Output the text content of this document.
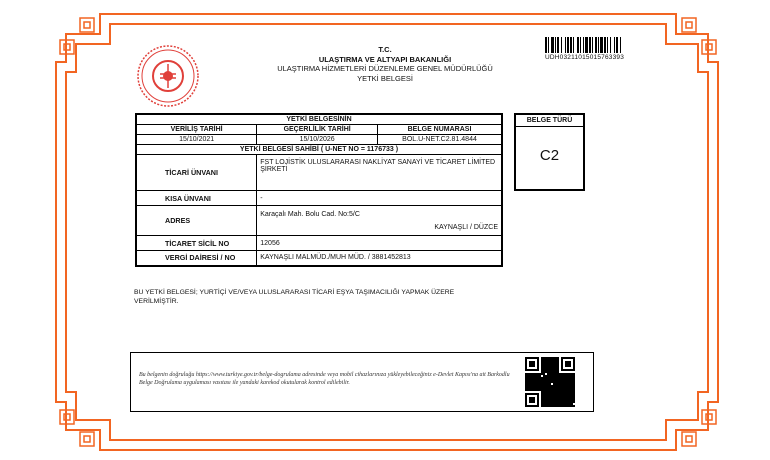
T.C.
ULAŞTIRMA VE ALTYAPI BAKANLIĞI
ULAŞTIRMA HİZMETLERİ DÜZENLEME GENEL MÜDÜRLÜĞÜ
YETKİ BELGESİ
UDH03211015015763393
YETKİ BELGESİNİN		
VERİLİŞ TARİHİ	GEÇERLİLİK TARİHİ	BELGE NUMARASI
15/10/2021	15/10/2026	BOL.U-NET.C2.81.4844
YETKİ BELGESİ SAHİBİ ( U-NET NO = 1176733 )		
TİCARİ ÜNVANI	FST LOJİSTİK ULUSLARARASI NAKLİYAT SANAYİ VE TİCARET LİMİTED ŞİRKETİ	
KISA ÜNVANI	-	
ADRES	Karaçalı Mah. Bolu Cad. No:5/C
KAYNAŞLI / DÜZCE	

TİCARET SİCİL NO	12056	
VERGİ DAİRESİ / NO	KAYNAŞLI MALMÜD./MUH MÜD. / 3881452813	
BELGE TÜRÜ
C2
BU YETKİ BELGESİ; YURTİÇİ VE/VEYA ULUSLARARASI TİCARİ EŞYA TAŞIMACILIĞI YAPMAK ÜZERE VERİLMİŞTİR.
Bu belgenin doğruluğu https://www.turkiye.gov.tr/belge-dogrulama adresinde veya mobil cihazlarınıza yükleyebileceğiniz e-Devlet Kapısı'na ait Barkodlu Belge Doğrulama uygulaması vasıtası ile yandaki karekod okutularak kontrol edilebilir.
